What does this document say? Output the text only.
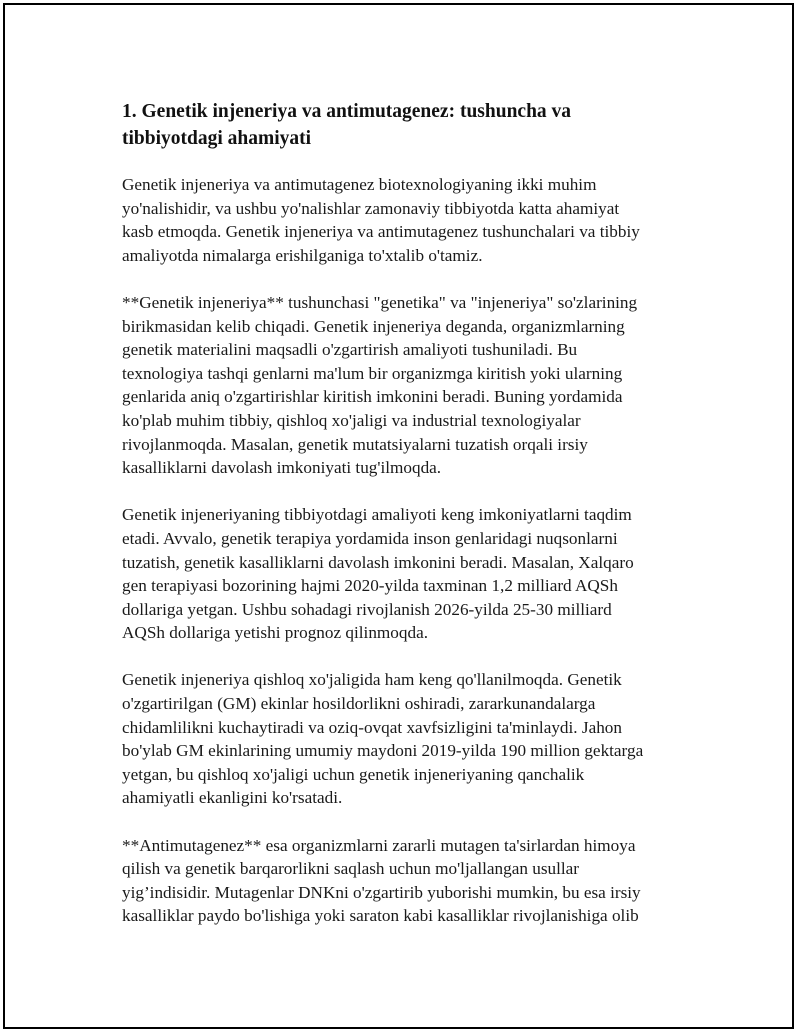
1. Genetik injeneriya va antimutagenez: tushuncha va
tibbiyotdagi ahamiyati

Genetik injeneriya va antimutagenez biotexnologiyaning ikki muhim
yo'nalishidir, va ushbu yo'nalishlar zamonaviy tibbiyotda katta ahamiyat
kasb etmoqda. Genetik injeneriya va antimutagenez tushunchalari va tibbiy
amaliyotda nimalarga erishilganiga to'xtalib o'tamiz.

**Genetik injeneriya** tushunchasi "genetika" va "injeneriya" so'zlarining
birikmasidan kelib chiqadi. Genetik injeneriya deganda, organizmlarning
genetik materialini maqsadli o'zgartirish amaliyoti tushuniladi. Bu
texnologiya tashqi genlarni ma'lum bir organizmga kiritish yoki ularning
genlarida aniq o'zgartirishlar kiritish imkonini beradi. Buning yordamida
ko'plab muhim tibbiy, qishloq xo'jaligi va industrial texnologiyalar
rivojlanmoqda. Masalan, genetik mutatsiyalarni tuzatish orqali irsiy
kasalliklarni davolash imkoniyati tug'ilmoqda.

Genetik injeneriyaning tibbiyotdagi amaliyoti keng imkoniyatlarni taqdim
etadi. Avvalo, genetik terapiya yordamida inson genlaridagi nuqsonlarni
tuzatish, genetik kasalliklarni davolash imkonini beradi. Masalan, Xalqaro
gen terapiyasi bozorining hajmi 2020-yilda taxminan 1,2 milliard AQSh
dollariga yetgan. Ushbu sohadagi rivojlanish 2026-yilda 25-30 milliard
AQSh dollariga yetishi prognoz qilinmoqda.

Genetik injeneriya qishloq xo'jaligida ham keng qo'llanilmoqda. Genetik
o'zgartirilgan (GM) ekinlar hosildorlikni oshiradi, zararkunandalarga
chidamlilikni kuchaytiradi va oziq-ovqat xavfsizligini ta'minlaydi. Jahon
bo'ylab GM ekinlarining umumiy maydoni 2019-yilda 190 million gektarga
yetgan, bu qishloq xo'jaligi uchun genetik injeneriyaning qanchalik
ahamiyatli ekanligini ko'rsatadi.

**Antimutagenez** esa organizmlarni zararli mutagen ta'sirlardan himoya
qilish va genetik barqarorlikni saqlash uchun mo'ljallangan usullar
yig’indisidir. Mutagenlar DNKni o'zgartirib yuborishi mumkin, bu esa irsiy
kasalliklar paydo bo'lishiga yoki saraton kabi kasalliklar rivojlanishiga olib
